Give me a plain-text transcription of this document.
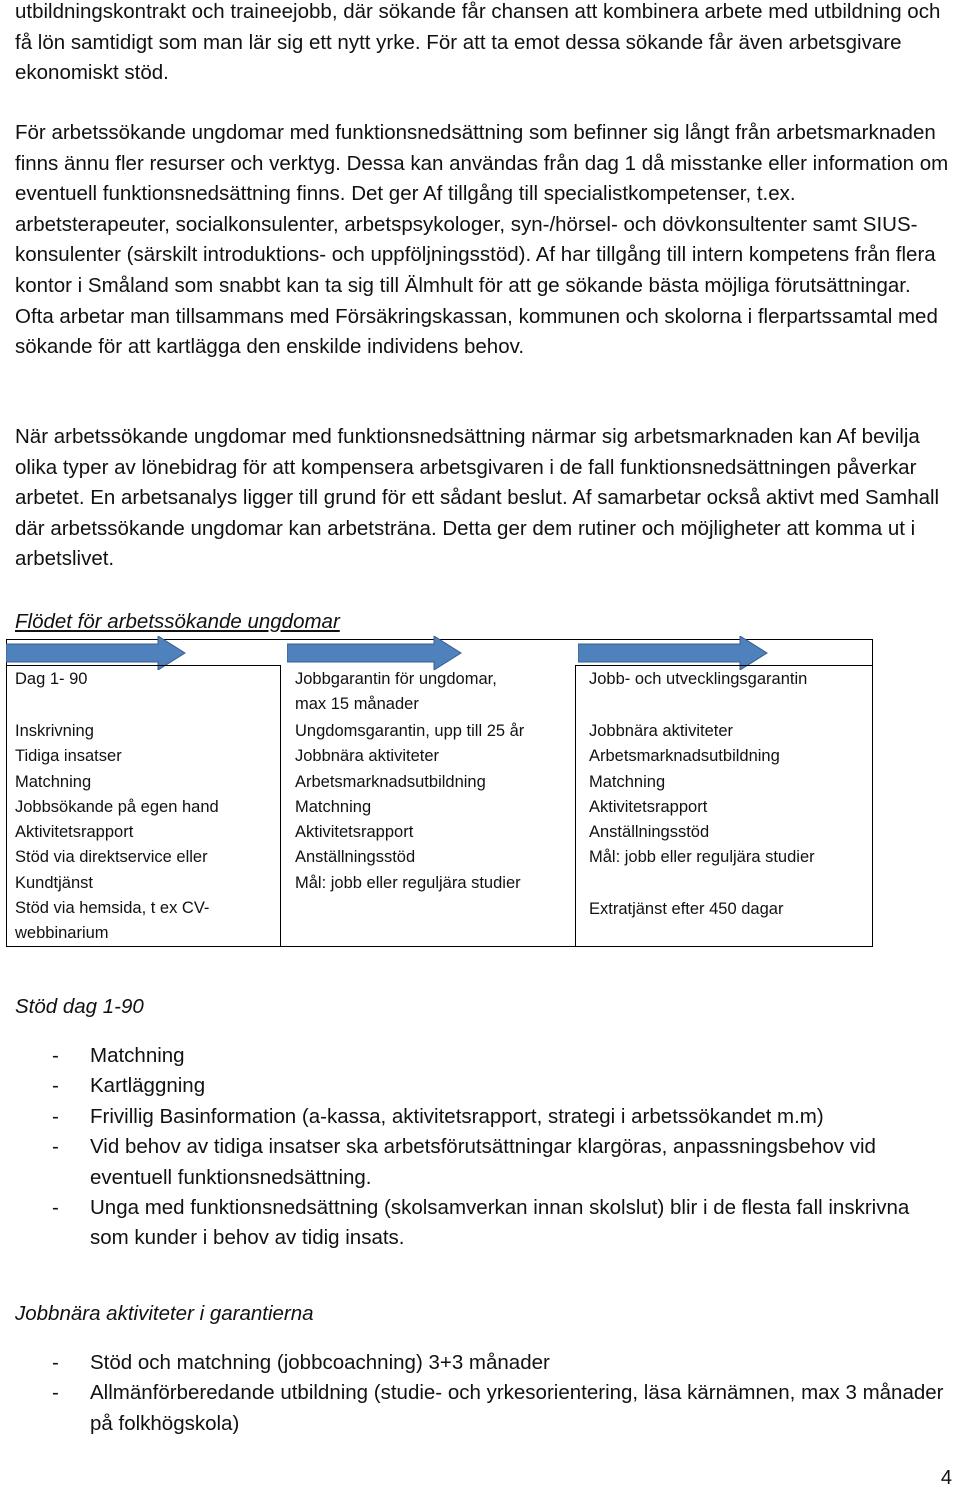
utbildningskontrakt och traineejobb, där sökande får chansen att kombinera arbete med utbildning och få lön samtidigt som man lär sig ett nytt yrke. För att ta emot dessa sökande får även arbetsgivare ekonomiskt stöd.

För arbetssökande ungdomar med funktionsnedsättning som befinner sig långt från arbetsmarknaden finns ännu fler resurser och verktyg. Dessa kan användas från dag 1 då misstanke eller information om eventuell funktionsnedsättning finns. Det ger Af tillgång till specialistkompetenser, t.ex. arbetsterapeuter, socialkonsulenter, arbetspsykologer, syn-/hörsel- och dövkonsultenter samt SIUS-konsulenter (särskilt introduktions- och uppföljningsstöd). Af har tillgång till intern kompetens från flera kontor i Småland som snabbt kan ta sig till Älmhult för att ge sökande bästa möjliga förutsättningar. Ofta arbetar man tillsammans med Försäkringskassan, kommunen och skolorna i flerpartssamtal med sökande för att kartlägga den enskilde individens behov.

När arbetssökande ungdomar med funktionsnedsättning närmar sig arbetsmarknaden kan Af bevilja olika typer av lönebidrag för att kompensera arbetsgivaren i de fall funktionsnedsättningen påverkar arbetet. En arbetsanalys ligger till grund för ett sådant beslut. Af samarbetar också aktivt med Samhall där arbetssökande ungdomar kan arbetsträna. Detta ger dem rutiner och möjligheter att komma ut i arbetslivet.

Flödet för arbetssökande ungdomar

Dag 1- 90

Inskrivning
Tidiga insatser
Matchning
Jobbsökande på egen hand
Aktivitetsrapport
Stöd via direktservice eller
Kundtjänst
Stöd via hemsida, t ex CV-
webbinarium

Jobbgarantin för ungdomar,
max 15 månader

Ungdomsgarantin, upp till 25 år
Jobbnära aktiviteter
Arbetsmarknadsutbildning
Matchning
Aktivitetsrapport
Anställningsstöd
Mål: jobb eller reguljära studier

Jobb- och utvecklingsgarantin

Jobbnära aktiviteter
Arbetsmarknadsutbildning
Matchning
Aktivitetsrapport
Anställningsstöd
Mål: jobb eller reguljära studier

Extratjänst efter 450 dagar

Stöd dag 1-90

- Matchning
- Kartläggning
- Frivillig Basinformation (a-kassa, aktivitetsrapport, strategi i arbetssökandet m.m)
- Vid behov av tidiga insatser ska arbetsförutsättningar klargöras, anpassningsbehov vid eventuell funktionsnedsättning.
- Unga med funktionsnedsättning (skolsamverkan innan skolslut) blir i de flesta fall inskrivna som kunder i behov av tidig insats.

Jobbnära aktiviteter i garantierna

- Stöd och matchning (jobbcoachning) 3+3 månader
- Allmänförberedande utbildning (studie- och yrkesorientering, läsa kärnämnen, max 3 månader på folkhögskola)
4
